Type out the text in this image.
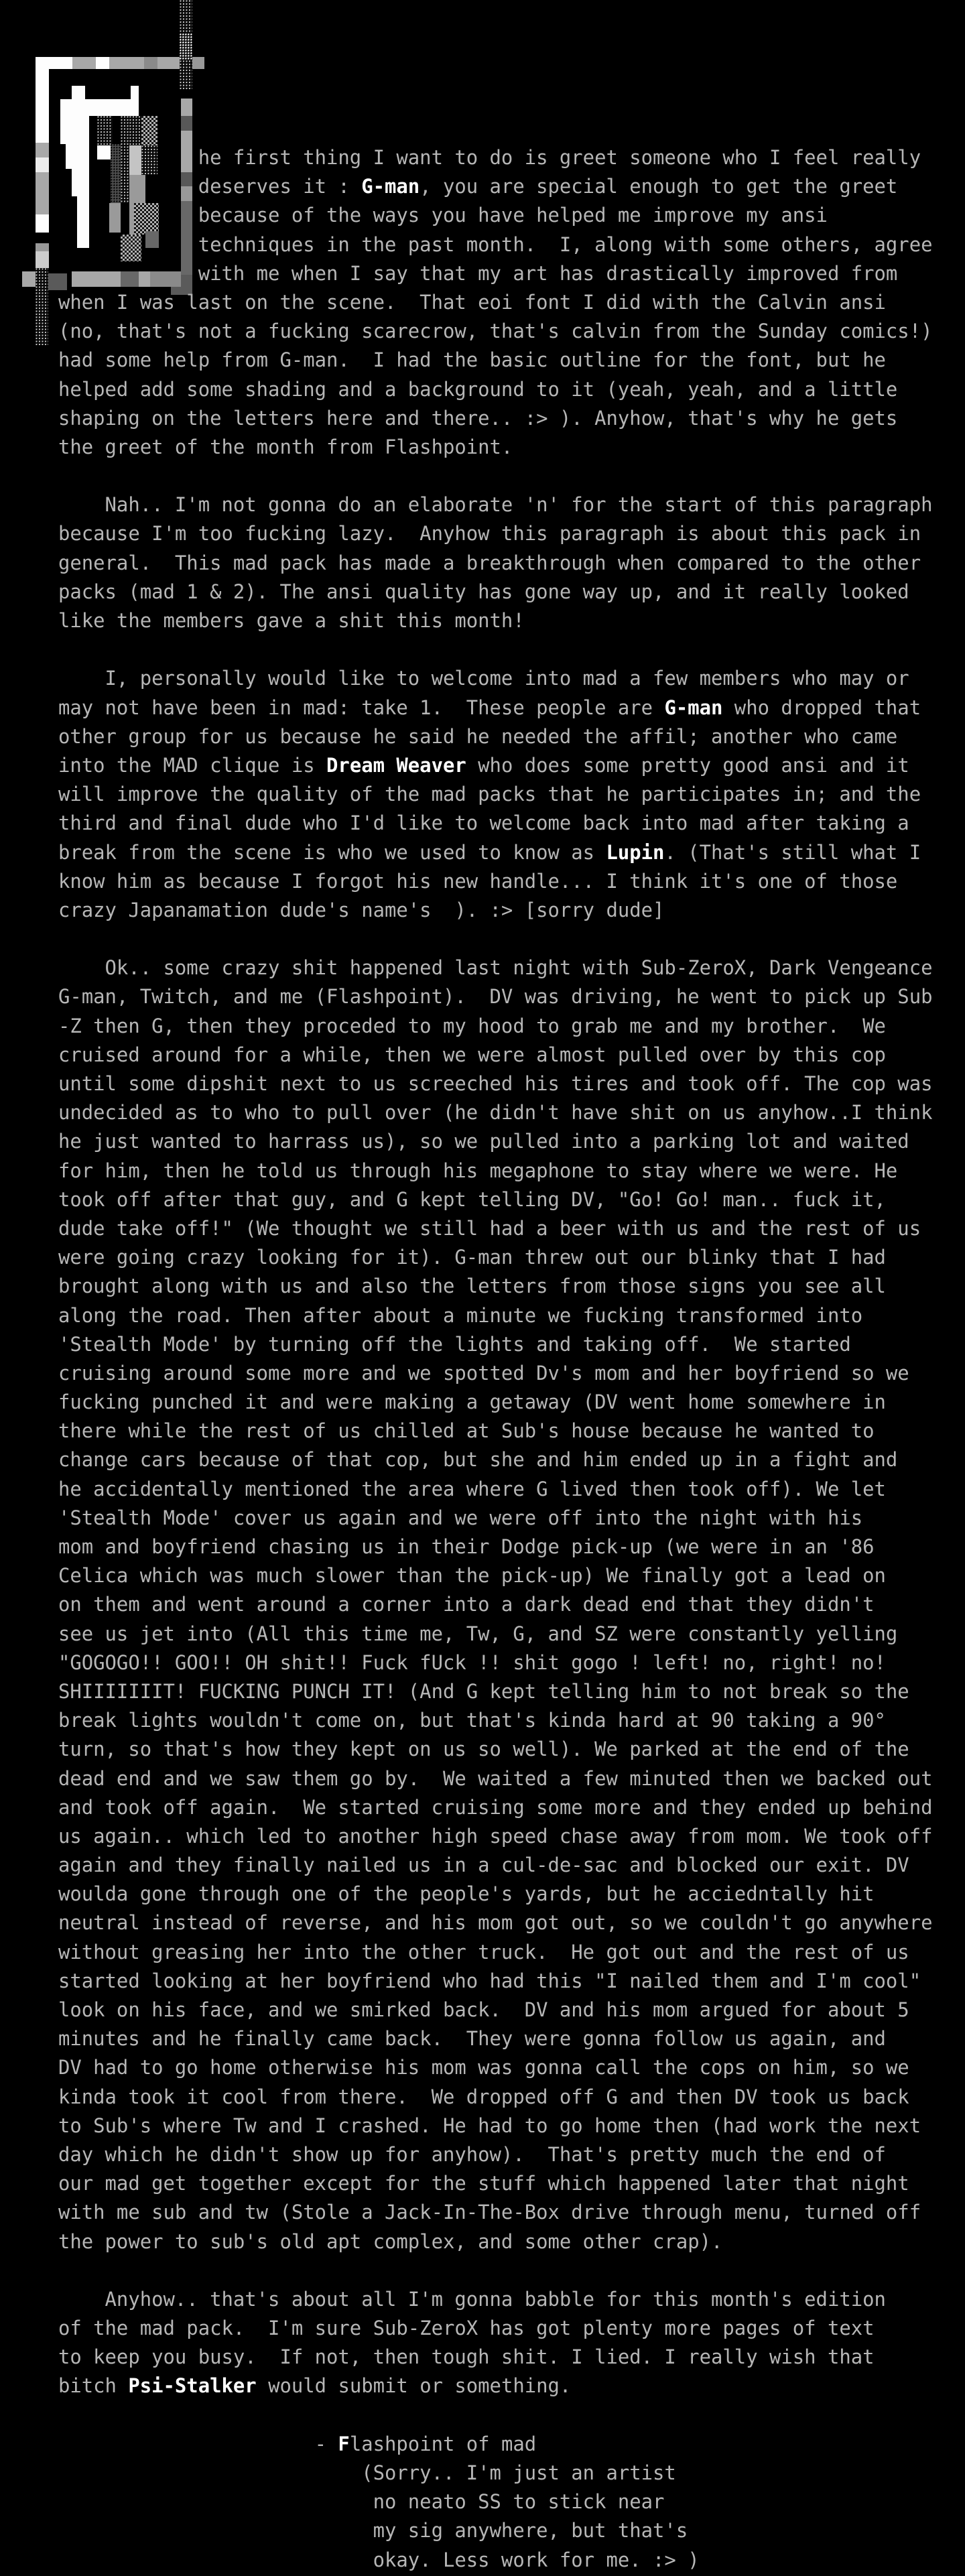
he first thing I want to do is greet someone who I feel really
deserves it : G-man, you are special enough to get the greet
because of the ways you have helped me improve my ansi
techniques in the past month.  I, along with some others, agree
with me when I say that my art has drastically improved from
when I was last on the scene.  That eoi font I did with the Calvin ansi
(no, that's not a fucking scarecrow, that's calvin from the Sunday comics!)
had some help from G-man.  I had the basic outline for the font, but he
helped add some shading and a background to it (yeah, yeah, and a little
shaping on the letters here and there.. :> ). Anyhow, that's why he gets
the greet of the month from Flashpoint.

Nah.. I'm not gonna do an elaborate 'n' for the start of this paragraph
because I'm too fucking lazy.  Anyhow this paragraph is about this pack in
general.  This mad pack has made a breakthrough when compared to the other
packs (mad 1 & 2). The ansi quality has gone way up, and it really looked
like the members gave a shit this month!

I, personally would like to welcome into mad a few members who may or
may not have been in mad: take 1.  These people are G-man who dropped that
other group for us because he said he needed the affil; another who came
into the MAD clique is Dream Weaver who does some pretty good ansi and it
will improve the quality of the mad packs that he participates in; and the
third and final dude who I'd like to welcome back into mad after taking a
break from the scene is who we used to know as Lupin. (That's still what I
know him as because I forgot his new handle... I think it's one of those
crazy Japanamation dude's name's  ). :> [sorry dude]

Ok.. some crazy shit happened last night with Sub-ZeroX, Dark Vengeance
G-man, Twitch, and me (Flashpoint).  DV was driving, he went to pick up Sub
-Z then G, then they proceded to my hood to grab me and my brother.  We
cruised around for a while, then we were almost pulled over by this cop
until some dipshit next to us screeched his tires and took off. The cop was
undecided as to who to pull over (he didn't have shit on us anyhow..I think
he just wanted to harrass us), so we pulled into a parking lot and waited
for him, then he told us through his megaphone to stay where we were. He
took off after that guy, and G kept telling DV, "Go! Go! man.. fuck it,
dude take off!" (We thought we still had a beer with us and the rest of us
were going crazy looking for it). G-man threw out our blinky that I had
brought along with us and also the letters from those signs you see all
along the road. Then after about a minute we fucking transformed into
'Stealth Mode' by turning off the lights and taking off.  We started
cruising around some more and we spotted Dv's mom and her boyfriend so we
fucking punched it and were making a getaway (DV went home somewhere in
there while the rest of us chilled at Sub's house because he wanted to
change cars because of that cop, but she and him ended up in a fight and
he accidentally mentioned the area where G lived then took off). We let
'Stealth Mode' cover us again and we were off into the night with his
mom and boyfriend chasing us in their Dodge pick-up (we were in an '86
Celica which was much slower than the pick-up) We finally got a lead on
on them and went around a corner into a dark dead end that they didn't
see us jet into (All this time me, Tw, G, and SZ were constantly yelling
"GOGOGO!! GOO!! OH shit!! Fuck fUck !! shit gogo ! left! no, right! no!
SHIIIIIIIT! FUCKING PUNCH IT! (And G kept telling him to not break so the
break lights wouldn't come on, but that's kinda hard at 90 taking a 90°
turn, so that's how they kept on us so well). We parked at the end of the
dead end and we saw them go by.  We waited a few minuted then we backed out
and took off again.  We started cruising some more and they ended up behind
us again.. which led to another high speed chase away from mom. We took off
again and they finally nailed us in a cul-de-sac and blocked our exit. DV
woulda gone through one of the people's yards, but he acciedntally hit
neutral instead of reverse, and his mom got out, so we couldn't go anywhere
without greasing her into the other truck.  He got out and the rest of us
started looking at her boyfriend who had this "I nailed them and I'm cool"
look on his face, and we smirked back.  DV and his mom argued for about 5
minutes and he finally came back.  They were gonna follow us again, and
DV had to go home otherwise his mom was gonna call the cops on him, so we
kinda took it cool from there.  We dropped off G and then DV took us back
to Sub's where Tw and I crashed. He had to go home then (had work the next
day which he didn't show up for anyhow).  That's pretty much the end of
our mad get together except for the stuff which happened later that night
with me sub and tw (Stole a Jack-In-The-Box drive through menu, turned off
the power to sub's old apt complex, and some other crap).

Anyhow.. that's about all I'm gonna babble for this month's edition
of the mad pack.  I'm sure Sub-ZeroX has got plenty more pages of text
to keep you busy.  If not, then tough shit. I lied. I really wish that
bitch Psi-Stalker would submit or something.

- Flashpoint of mad
(Sorry.. I'm just an artist
no neato SS to stick near
my sig anywhere, but that's
okay. Less work for me. :> )
